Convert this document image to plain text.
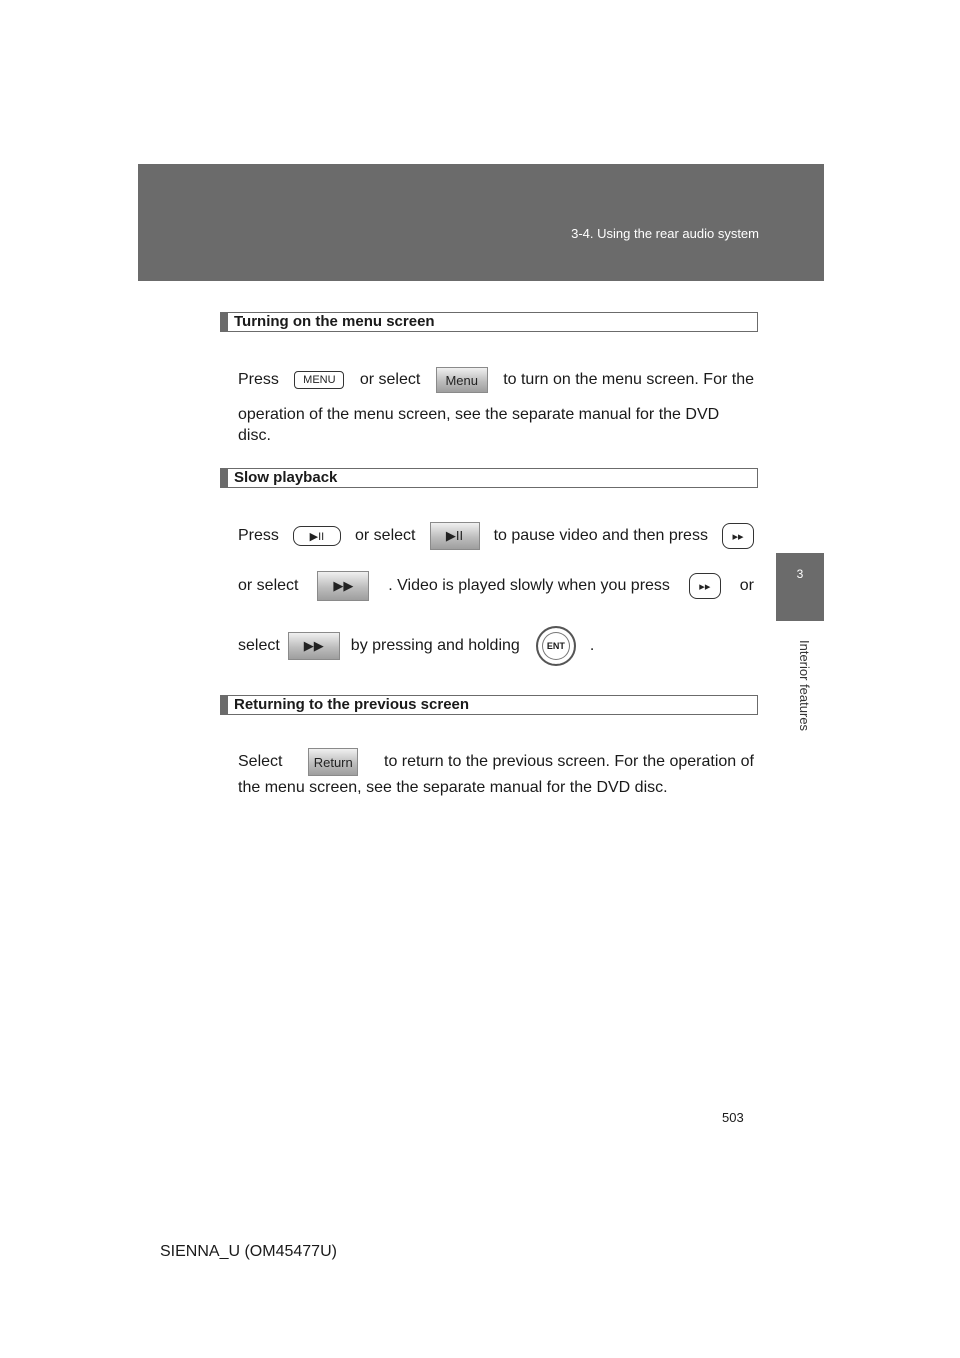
3-4. Using the rear audio system
3
Interior features
Turning on the menu screen
Press	MENU	or select	Menu	to turn on the menu screen. For the
operation of the menu screen, see the separate manual for the DVD
disc.
Slow playback
Press	▶II	or select	▶II	to pause video and then press	▸▸
or select	▶▶	. Video is played slowly when you press	▸▸	or
select	▶▶	by pressing and holding	ENT	.
Returning to the previous screen
Select	Return	to return to the previous screen. For the operation of
the menu screen, see the separate manual for the DVD disc.
503
SIENNA_U (OM45477U)
